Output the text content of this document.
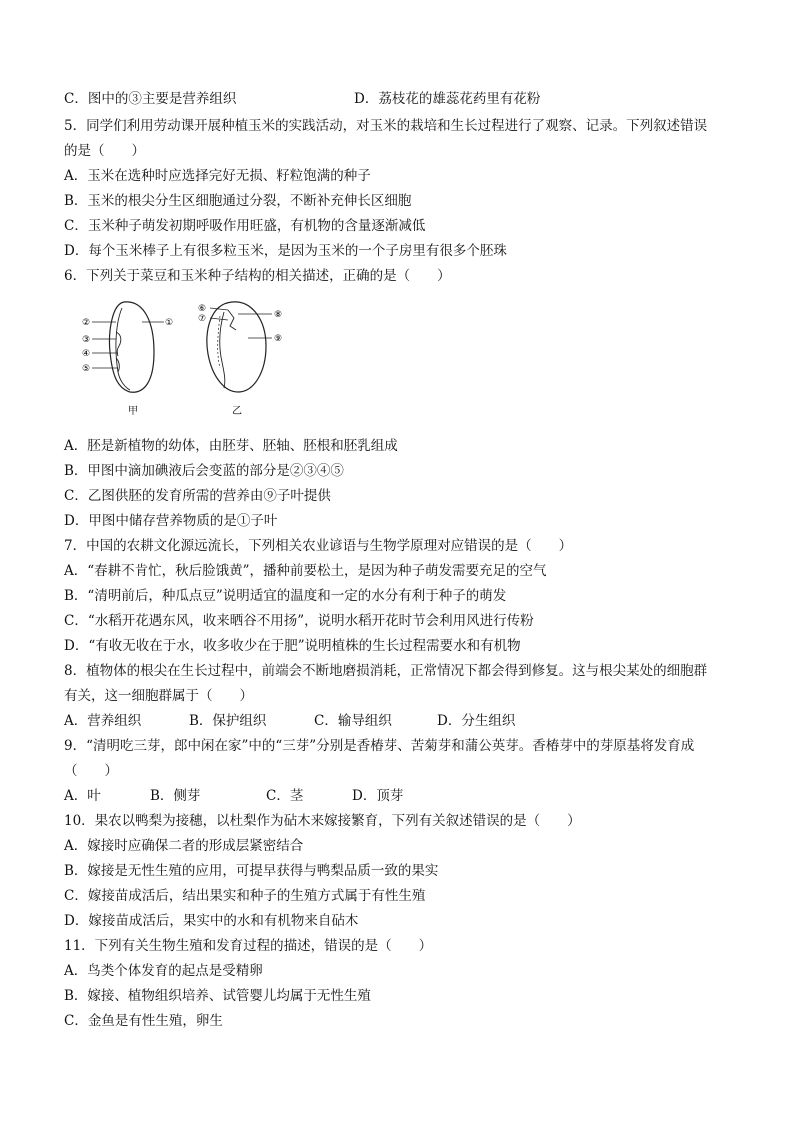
C．图中的③主要是营养组织	D．荔枝花的雄蕊花药里有花粉
5．同学们利用劳动课开展种植玉米的实践活动，对玉米的栽培和生长过程进行了观察、记录。下列叙述错误
的是（　　）
A．玉米在选种时应选择完好无损、籽粒饱满的种子
B．玉米的根尖分生区细胞通过分裂，不断补充伸长区细胞
C．玉米种子萌发初期呼吸作用旺盛，有机物的含量逐渐减低
D．每个玉米棒子上有很多粒玉米，是因为玉米的一个子房里有很多个胚珠
6．下列关于菜豆和玉米种子结构的相关描述，正确的是（　　）
②
③
④
⑤
①
甲
⑥
⑦	⑧
⑨
乙
A．胚是新植物的幼体，由胚芽、胚轴、胚根和胚乳组成
B．甲图中滴加碘液后会变蓝的部分是②③④⑤
C．乙图供胚的发育所需的营养由⑨子叶提供
D．甲图中储存营养物质的是①子叶
7．中国的农耕文化源远流长，下列相关农业谚语与生物学原理对应错误的是（　　）
A．“春耕不肯忙，秋后脸饿黄”，播种前要松土，是因为种子萌发需要充足的空气
B．“清明前后，种瓜点豆”说明适宜的温度和一定的水分有利于种子的萌发
C．“水稻开花遇东风，收来晒谷不用扬”，说明水稻开花时节会利用风进行传粉
D．“有收无收在于水，收多收少在于肥”说明植株的生长过程需要水和有机物
8．植物体的根尖在生长过程中，前端会不断地磨损消耗，正常情况下都会得到修复。这与根尖某处的细胞群
有关，这一细胞群属于（　　）
A．营养组织	B．保护组织	C．输导组织	D．分生组织
9．“清明吃三芽，郎中闲在家”中的“三芽”分别是香椿芽、苦菊芽和蒲公英芽。香椿芽中的芽原基将发育成
（　　）
A．叶	B．侧芽	C．茎	D．顶芽
10．果农以鸭梨为接穗，以杜梨作为砧木来嫁接繁育，下列有关叙述错误的是（　　）
A．嫁接时应确保二者的形成层紧密结合
B．嫁接是无性生殖的应用，可提早获得与鸭梨品质一致的果实
C．嫁接苗成活后，结出果实和种子的生殖方式属于有性生殖
D．嫁接苗成活后，果实中的水和有机物来自砧木
11．下列有关生物生殖和发育过程的描述，错误的是（　　）
A．鸟类个体发育的起点是受精卵
B．嫁接、植物组织培养、试管婴儿均属于无性生殖
C．金鱼是有性生殖，卵生
